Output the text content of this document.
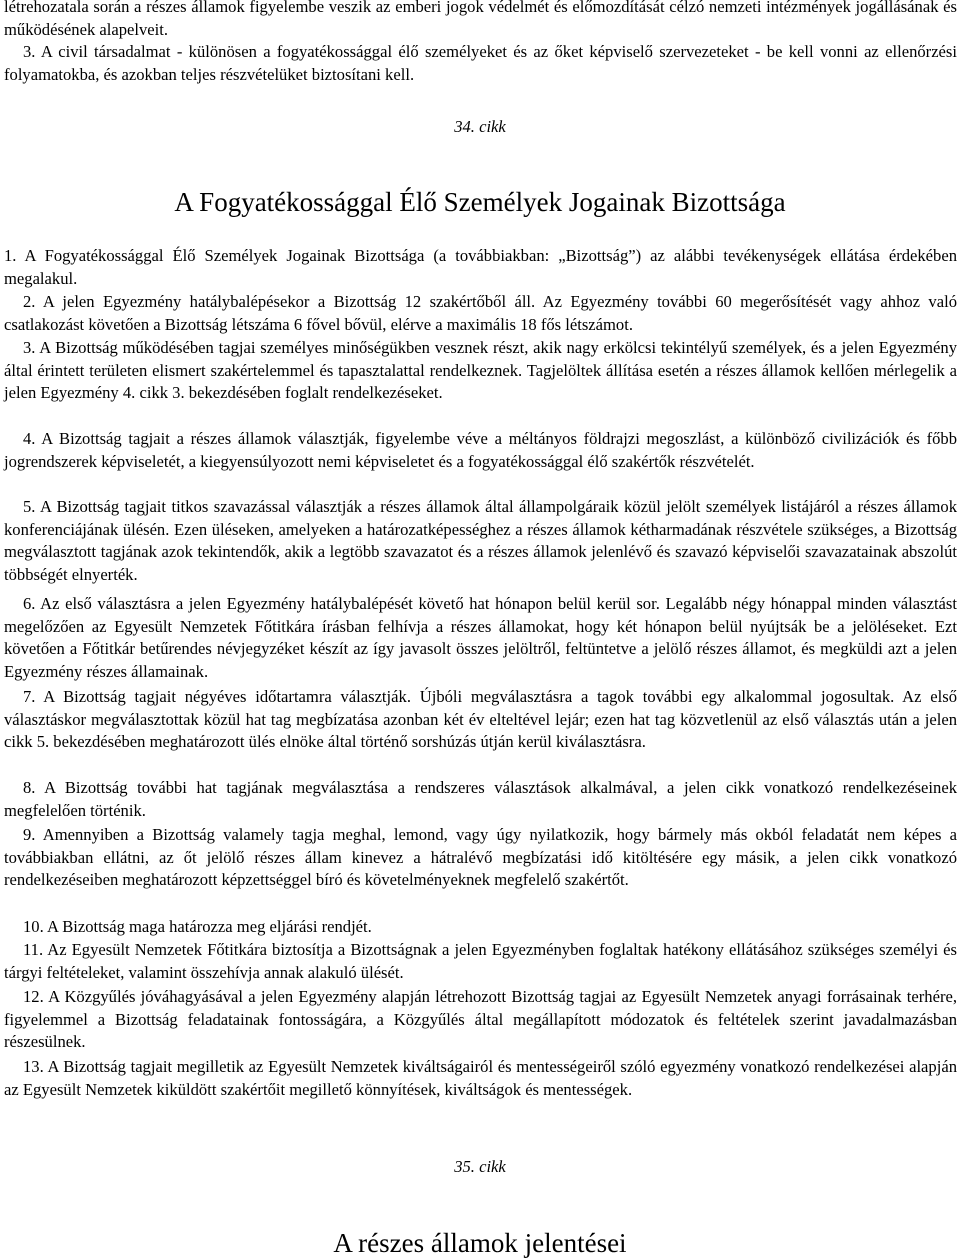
létrehozatala során a részes államok figyelembe veszik az emberi jogok védelmét és előmozdítását célzó nemzeti intézmények jogállásának és működésének alapelveit.

3. A civil társadalmat - különösen a fogyatékossággal élő személyeket és az őket képviselő szervezeteket - be kell vonni az ellenőrzési folyamatokba, és azokban teljes részvételüket biztosítani kell.

34. cikk
A Fogyatékossággal Élő Személyek Jogainak Bizottsága

1. A Fogyatékossággal Élő Személyek Jogainak Bizottsága (a továbbiakban: „Bizottság”) az alábbi tevékenységek ellátása érdekében megalakul.

2. A jelen Egyezmény hatálybalépésekor a Bizottság 12 szakértőből áll. Az Egyezmény további 60 megerősítését vagy ahhoz való csatlakozást követően a Bizottság létszáma 6 fővel bővül, elérve a maximális 18 fős létszámot.

3. A Bizottság működésében tagjai személyes minőségükben vesznek részt, akik nagy erkölcsi tekintélyű személyek, és a jelen Egyezmény által érintett területen elismert szakértelemmel és tapasztalattal rendelkeznek. Tagjelöltek állítása esetén a részes államok kellően mérlegelik a jelen Egyezmény 4. cikk 3. bekezdésében foglalt rendelkezéseket.

4. A Bizottság tagjait a részes államok választják, figyelembe véve a méltányos földrajzi megoszlást, a különböző civilizációk és főbb jogrendszerek képviseletét, a kiegyensúlyozott nemi képviseletet és a fogyatékossággal élő szakértők részvételét.

5. A Bizottság tagjait titkos szavazással választják a részes államok által állampolgáraik közül jelölt személyek listájáról a részes államok konferenciájának ülésén. Ezen üléseken, amelyeken a határozatképességhez a részes államok kétharmadának részvétele szükséges, a Bizottság megválasztott tagjának azok tekintendők, akik a legtöbb szavazatot és a részes államok jelenlévő és szavazó képviselői szavazatainak abszolút többségét elnyerték.

6. Az első választásra a jelen Egyezmény hatálybalépését követő hat hónapon belül kerül sor. Legalább négy hónappal minden választást megelőzően az Egyesült Nemzetek Főtitkára írásban felhívja a részes államokat, hogy két hónapon belül nyújtsák be a jelöléseket. Ezt követően a Főtitkár betűrendes névjegyzéket készít az így javasolt összes jelöltről, feltüntetve a jelölő részes államot, és megküldi azt a jelen Egyezmény részes államainak.

7. A Bizottság tagjait négyéves időtartamra választják. Újbóli megválasztásra a tagok további egy alkalommal jogosultak. Az első választáskor megválasztottak közül hat tag megbízatása azonban két év elteltével lejár; ezen hat tag közvetlenül az első választás után a jelen cikk 5. bekezdésében meghatározott ülés elnöke által történő sorshúzás útján kerül kiválasztásra.

8. A Bizottság további hat tagjának megválasztása a rendszeres választások alkalmával, a jelen cikk vonatkozó rendelkezéseinek megfelelően történik.

9. Amennyiben a Bizottság valamely tagja meghal, lemond, vagy úgy nyilatkozik, hogy bármely más okból feladatát nem képes a továbbiakban ellátni, az őt jelölő részes állam kinevez a hátralévő megbízatási idő kitöltésére egy másik, a jelen cikk vonatkozó rendelkezéseiben meghatározott képzettséggel bíró és követelményeknek megfelelő szakértőt.

10. A Bizottság maga határozza meg eljárási rendjét.

11. Az Egyesült Nemzetek Főtitkára biztosítja a Bizottságnak a jelen Egyezményben foglaltak hatékony ellátásához szükséges személyi és tárgyi feltételeket, valamint összehívja annak alakuló ülését.

12. A Közgyűlés jóváhagyásával a jelen Egyezmény alapján létrehozott Bizottság tagjai az Egyesült Nemzetek anyagi forrásainak terhére, figyelemmel a Bizottság feladatainak fontosságára, a Közgyűlés által megállapított módozatok és feltételek szerint javadalmazásban részesülnek.

13. A Bizottság tagjait megilletik az Egyesült Nemzetek kiváltságairól és mentességeiről szóló egyezmény vonatkozó rendelkezései alapján az Egyesült Nemzetek kiküldött szakértőit megillető könnyítések, kiváltságok és mentességek.

35. cikk
A részes államok jelentései
